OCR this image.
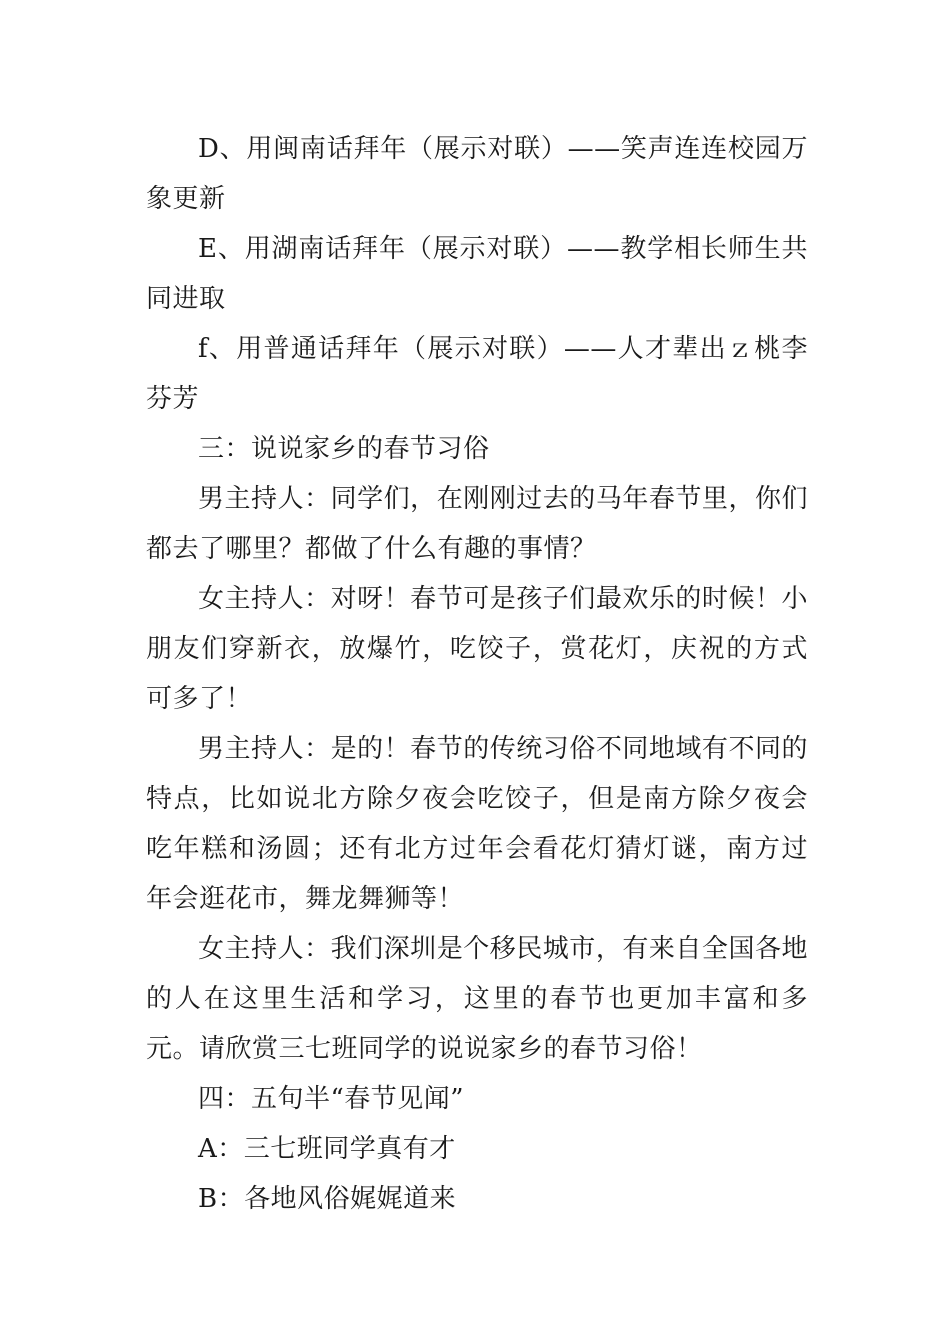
D、用闽南话拜年（展示对联）——笑声连连校园万象更新

E、用湖南话拜年（展示对联）——教学相长师生共同进取

f、用普通话拜年（展示对联）——人才辈出ｚ桃李芬芳

三：说说家乡的春节习俗

男主持人：同学们，在刚刚过去的马年春节里，你们都去了哪里？都做了什么有趣的事情？

女主持人：对呀！春节可是孩子们最欢乐的时候！小朋友们穿新衣，放爆竹，吃饺子，赏花灯，庆祝的方式可多了！

男主持人：是的！春节的传统习俗不同地域有不同的特点，比如说北方除夕夜会吃饺子，但是南方除夕夜会吃年糕和汤圆；还有北方过年会看花灯猜灯谜，南方过年会逛花市，舞龙舞狮等！

女主持人：我们深圳是个移民城市，有来自全国各地的人在这里生活和学习，这里的春节也更加丰富和多元。请欣赏三七班同学的说说家乡的春节习俗！

四：五句半“春节见闻”

A：三七班同学真有才

B：各地风俗娓娓道来
